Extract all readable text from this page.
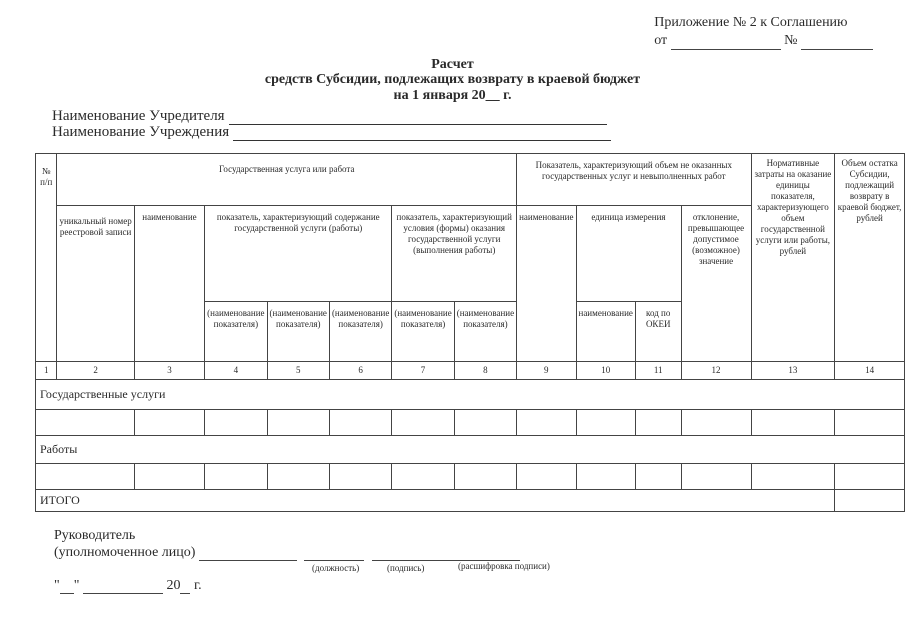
Приложение № 2 к Соглашению
от	№
Расчет
средств Субсидии, подлежащих возврату в краевой бюджет
на 1 января 20__ г.
Наименование Учредителя
Наименование Учреждения
№ п/п	Государственная услуга или работа							Показатель, характеризующий объем не оказанных государственных услуг и невыполненных работ				Нормативные затраты на оказание единицы показателя, характеризующего объем государственной услуги или работы, рублей	Объем остатка Субсидии, подлежащий возврату в краевой бюджет, рублей
	уникальный номер реестровой записи	наименование	показатель, характеризующий содержание государственной услуги (работы)			показатель, характеризующий условия (формы) оказания государственной услуги (выполнения работы)		наименование	единица измерения		отклонение, превышающее допустимое (возможное) значение		
			(наименование показателя)	(наименование показателя)	(наименование показателя)	(наименование показателя)	(наименование показателя)		наименование	код по ОКЕИ			
1	2	3	4	5	6	7	8	9	10	11	12	13	14
Государственные услуги													

Работы													

ИТОГО													
Руководитель
(уполномоченное лицо)
(должность)	(подпись)	(расшифровка подписи)
" "	20 г.
